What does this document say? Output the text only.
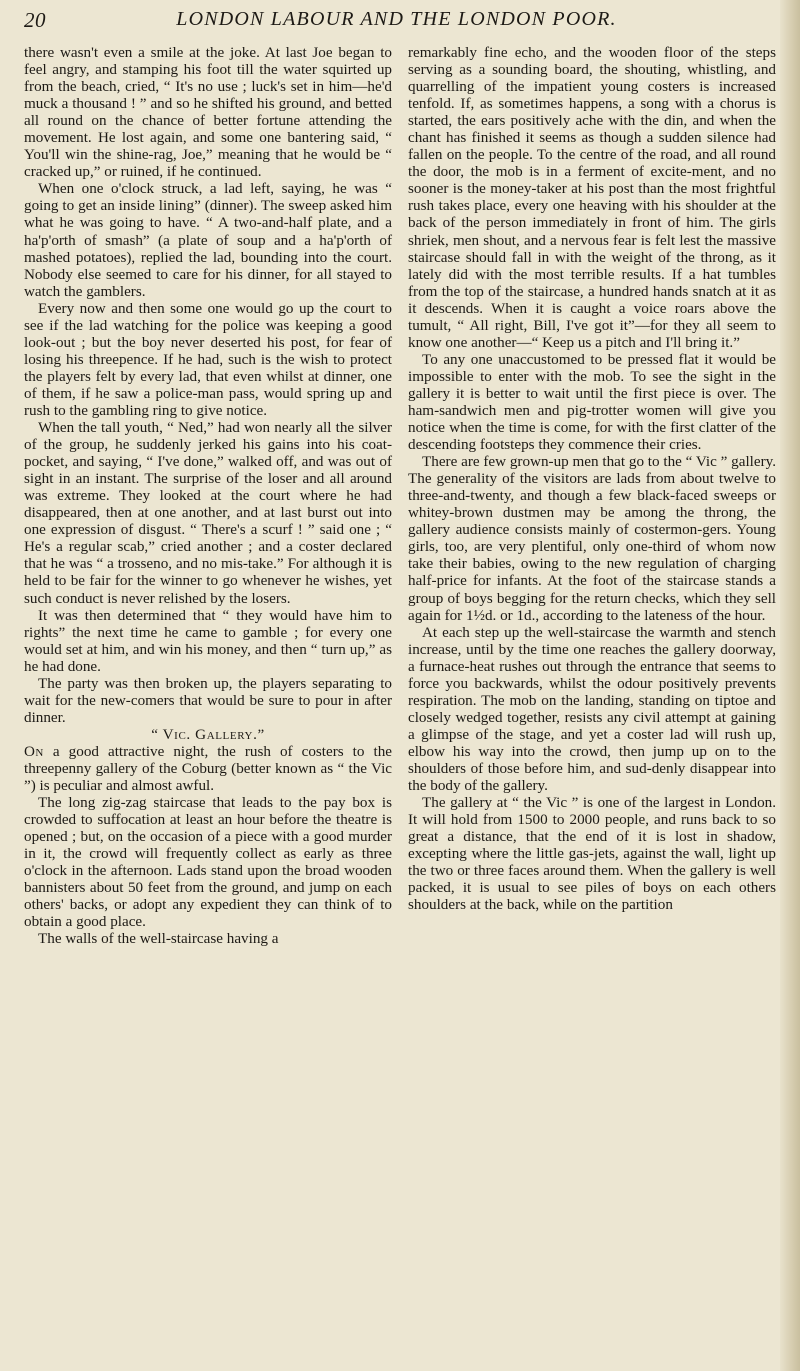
20	LONDON LABOUR AND THE LONDON POOR.

there wasn't even a smile at the joke. At last Joe began to feel angry, and stamping his foot till the water squirted up from the beach, cried, “ It's no use ; luck's set in him—he'd muck a thousand ! ” and so he shifted his ground, and betted all round on the chance of better fortune attending the movement. He lost again, and some one bantering said, “ You'll win the shine-rag, Joe,” meaning that he would be “ cracked up,” or ruined, if he continued.

When one o'clock struck, a lad left, saying, he was “ going to get an inside lining” (dinner). The sweep asked him what he was going to have. “ A two-and-half plate, and a ha'p'orth of smash” (a plate of soup and a ha'p'orth of mashed potatoes), replied the lad, bounding into the court. Nobody else seemed to care for his dinner, for all stayed to watch the gamblers.

Every now and then some one would go up the court to see if the lad watching for the police was keeping a good look-out ; but the boy never deserted his post, for fear of losing his threepence. If he had, such is the wish to protect the players felt by every lad, that even whilst at dinner, one of them, if he saw a police-man pass, would spring up and rush to the gambling ring to give notice.

When the tall youth, “ Ned,” had won nearly all the silver of the group, he suddenly jerked his gains into his coat-pocket, and saying, “ I've done,” walked off, and was out of sight in an instant. The surprise of the loser and all around was extreme. They looked at the court where he had disappeared, then at one another, and at last burst out into one expression of disgust. “ There's a scurf ! ” said one ; “ He's a regular scab,” cried another ; and a coster declared that he was “ a trosseno, and no mis-take.” For although it is held to be fair for the winner to go whenever he wishes, yet such conduct is never relished by the losers.

It was then determined that “ they would have him to rights” the next time he came to gamble ; for every one would set at him, and win his money, and then “ turn up,” as he had done.

The party was then broken up, the players separating to wait for the new-comers that would be sure to pour in after dinner.

“ Vic. Gallery.”

On a good attractive night, the rush of costers to the threepenny gallery of the Coburg (better known as “ the Vic ”) is peculiar and almost awful.

The long zig-zag staircase that leads to the pay box is crowded to suffocation at least an hour before the theatre is opened ; but, on the occasion of a piece with a good murder in it, the crowd will frequently collect as early as three o'clock in the afternoon. Lads stand upon the broad wooden bannisters about 50 feet from the ground, and jump on each others' backs, or adopt any expedient they can think of to obtain a good place.

The walls of the well-staircase having a

remarkably fine echo, and the wooden floor of the steps serving as a sounding board, the shouting, whistling, and quarrelling of the impatient young costers is increased tenfold. If, as sometimes happens, a song with a chorus is started, the ears positively ache with the din, and when the chant has finished it seems as though a sudden silence had fallen on the people. To the centre of the road, and all round the door, the mob is in a ferment of excite-ment, and no sooner is the money-taker at his post than the most frightful rush takes place, every one heaving with his shoulder at the back of the person immediately in front of him. The girls shriek, men shout, and a nervous fear is felt lest the massive staircase should fall in with the weight of the throng, as it lately did with the most terrible results. If a hat tumbles from the top of the staircase, a hundred hands snatch at it as it descends. When it is caught a voice roars above the tumult, “ All right, Bill, I've got it”—for they all seem to know one another—“ Keep us a pitch and I'll bring it.”

To any one unaccustomed to be pressed flat it would be impossible to enter with the mob. To see the sight in the gallery it is better to wait until the first piece is over. The ham-sandwich men and pig-trotter women will give you notice when the time is come, for with the first clatter of the descending footsteps they commence their cries.

There are few grown-up men that go to the “ Vic ” gallery. The generality of the visitors are lads from about twelve to three-and-twenty, and though a few black-faced sweeps or whitey-brown dustmen may be among the throng, the gallery audience consists mainly of costermon-gers. Young girls, too, are very plentiful, only one-third of whom now take their babies, owing to the new regulation of charging half-price for infants. At the foot of the staircase stands a group of boys begging for the return checks, which they sell again for 1½d. or 1d., according to the lateness of the hour.

At each step up the well-staircase the warmth and stench increase, until by the time one reaches the gallery doorway, a furnace-heat rushes out through the entrance that seems to force you backwards, whilst the odour positively prevents respiration. The mob on the landing, standing on tiptoe and closely wedged together, resists any civil attempt at gaining a glimpse of the stage, and yet a coster lad will rush up, elbow his way into the crowd, then jump up on to the shoulders of those before him, and sud-denly disappear into the body of the gallery.

The gallery at “ the Vic ” is one of the largest in London. It will hold from 1500 to 2000 people, and runs back to so great a distance, that the end of it is lost in shadow, excepting where the little gas-jets, against the wall, light up the two or three faces around them. When the gallery is well packed, it is usual to see piles of boys on each others shoulders at the back, while on the partition
